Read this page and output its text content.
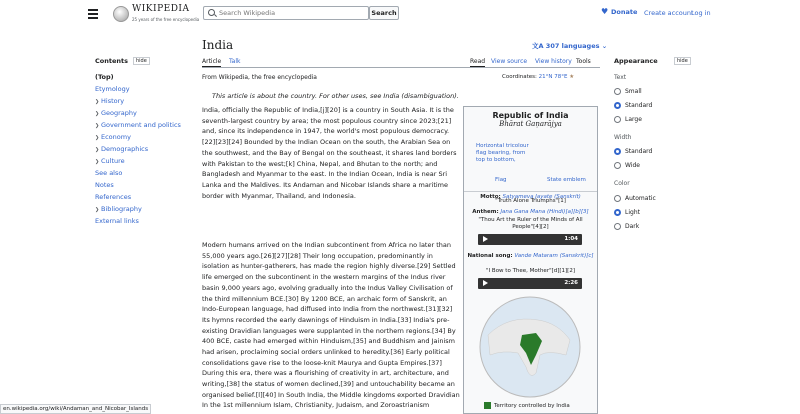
WIKIPEDIA
25 years of the free encyclopedia
Search Wikipedia
Search	♥ Donate Create account
Log in
Contents	hide
(Top)
Etymology
❯ History
❯ Geography
❯ Government and politics
❯ Economy
❯ Demographics
❯ Culture
See also
Notes
References
❯ Bibliography
External links
India	文A 307 languages ⌄
Article Talk	Read View source View history Tools
From Wikipedia, the free encyclopedia	Coordinates: 21°N 78°E ★
This article is about the country. For other uses, see India (disambiguation).
India, officially the Republic of India,[j][20] is a country in South Asia. It is the seventh-largest country by area; the most populous country since 2023;[21] and, since its independence in 1947, the world's most populous democracy.[22][23][24] Bounded by the Indian Ocean on the south, the Arabian Sea on the southwest, and the Bay of Bengal on the southeast, it shares land borders with Pakistan to the west;[k] China, Nepal, and Bhutan to the north; and Bangladesh and Myanmar to the east. In the Indian Ocean, India is near Sri Lanka and the Maldives. Its Andaman and Nicobar Islands share a maritime border with Myanmar, Thailand, and Indonesia.
Modern humans arrived on the Indian subcontinent from Africa no later than 55,000 years ago.[26][27][28] Their long occupation, predominantly in isolation as hunter-gatherers, has made the region highly diverse.[29] Settled life emerged on the subcontinent in the western margins of the Indus river basin 9,000 years ago, evolving gradually into the Indus Valley Civilisation of the third millennium BCE.[30] By 1200 BCE, an archaic form of Sanskrit, an Indo-European language, had diffused into India from the northwest.[31][32] Its hymns recorded the early dawnings of Hinduism in India.[33] India's pre-existing Dravidian languages were supplanted in the northern regions.[34] By 400 BCE, caste had emerged within Hinduism,[35] and Buddhism and Jainism had arisen, proclaiming social orders unlinked to heredity.[36] Early political consolidations gave rise to the loose-knit Maurya and Gupta Empires.[37] During this era, there was a flourishing of creativity in art, architecture, and writing,[38] the status of women declined,[39] and untouchability became an organised belief.[l][40] In South India, the Middle kingdoms exported Dravidian
In the 1st millennium Islam, Christianity, Judaism, and Zoroastrianism
Republic of India
Bhārat Gaṇarājya
Horizontal tricolour flag bearing, from top to bottom,
Flag	State emblem
Motto: Satyameva Jayate (Sanskrit)
"Truth Alone Triumphs"[1]
Anthem: Jana Gana Mana (Hindi)[a][b][3]
"Thou Art the Ruler of the Minds of All People"[4][2]
1:04
National song: Vande Mataram (Sanskrit)[c]
"I Bow to Thee, Mother"[d][1][2]
2:26
Territory controlled by India
Appearance	hide
Text
Small
Standard
Large
Width
Standard
Wide
Color
Automatic
Light
Dark
en.wikipedia.org/wiki/Andaman_and_Nicobar_Islands
